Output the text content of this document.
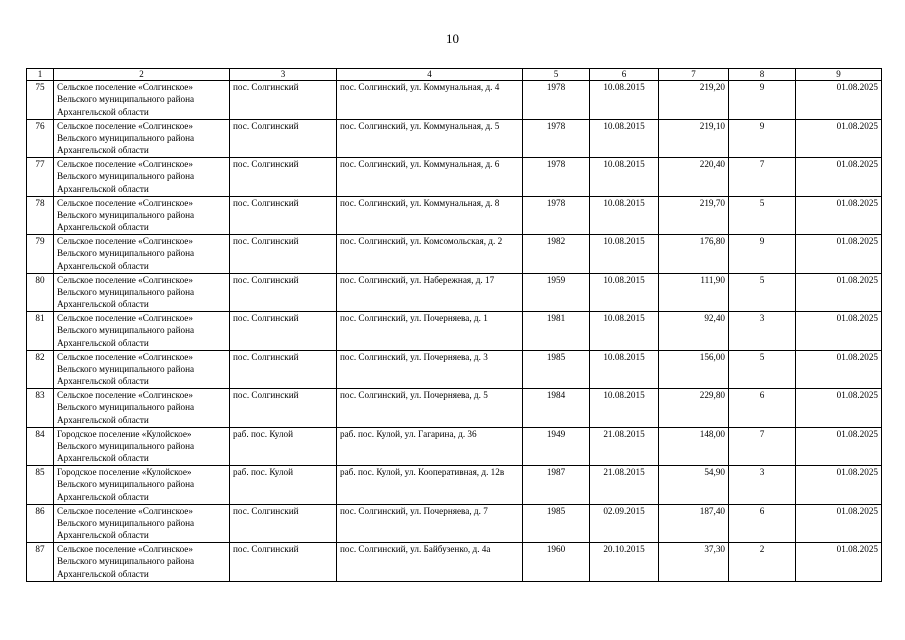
10
1	2	3	4	5	6	7	8	9
75	Сельское поселение «Солгинское» Вельского муниципального района Архангельской области	пос. Солгинский	пос. Солгинский, ул. Коммунальная, д. 4	1978	10.08.2015	219,20	9	01.08.2025
76	Сельское поселение «Солгинское» Вельского муниципального района Архангельской области	пос. Солгинский	пос. Солгинский, ул. Коммунальная, д. 5	1978	10.08.2015	219,10	9	01.08.2025
77	Сельское поселение «Солгинское» Вельского муниципального района Архангельской области	пос. Солгинский	пос. Солгинский, ул. Коммунальная, д. 6	1978	10.08.2015	220,40	7	01.08.2025
78	Сельское поселение «Солгинское» Вельского муниципального района Архангельской области	пос. Солгинский	пос. Солгинский, ул. Коммунальная, д. 8	1978	10.08.2015	219,70	5	01.08.2025
79	Сельское поселение «Солгинское» Вельского муниципального района Архангельской области	пос. Солгинский	пос. Солгинский, ул. Комсомольская, д. 2	1982	10.08.2015	176,80	9	01.08.2025
80	Сельское поселение «Солгинское» Вельского муниципального района Архангельской области	пос. Солгинский	пос. Солгинский, ул. Набережная, д. 17	1959	10.08.2015	111,90	5	01.08.2025
81	Сельское поселение «Солгинское» Вельского муниципального района Архангельской области	пос. Солгинский	пос. Солгинский, ул. Почерняева, д. 1	1981	10.08.2015	92,40	3	01.08.2025
82	Сельское поселение «Солгинское» Вельского муниципального района Архангельской области	пос. Солгинский	пос. Солгинский, ул. Почерняева, д. 3	1985	10.08.2015	156,00	5	01.08.2025
83	Сельское поселение «Солгинское» Вельского муниципального района Архангельской области	пос. Солгинский	пос. Солгинский, ул. Почерняева, д. 5	1984	10.08.2015	229,80	6	01.08.2025
84	Городское поселение «Кулойское» Вельского муниципального района Архангельской области	раб. пос. Кулой	раб. пос. Кулой, ул. Гагарина, д. 36	1949	21.08.2015	148,00	7	01.08.2025
85	Городское поселение «Кулойское» Вельского муниципального района Архангельской области	раб. пос. Кулой	раб. пос. Кулой, ул. Кооперативная, д. 12в	1987	21.08.2015	54,90	3	01.08.2025
86	Сельское поселение «Солгинское» Вельского муниципального района Архангельской области	пос. Солгинский	пос. Солгинский, ул. Почерняева, д. 7	1985	02.09.2015	187,40	6	01.08.2025
87	Сельское поселение «Солгинское» Вельского муниципального района Архангельской области	пос. Солгинский	пос. Солгинский, ул. Байбузенко, д. 4а	1960	20.10.2015	37,30	2	01.08.2025
